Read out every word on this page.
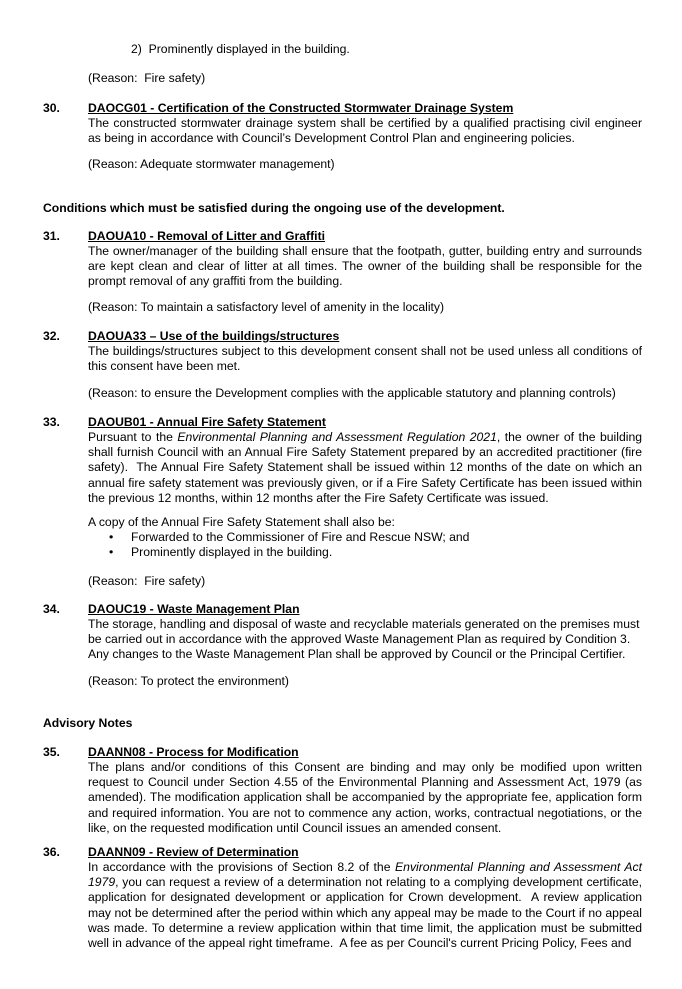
2)  Prominently displayed in the building.
(Reason:  Fire safety)
30. DAOCG01 - Certification of the Constructed Stormwater Drainage System
The constructed stormwater drainage system shall be certified by a qualified practising civil engineer as being in accordance with Council’s Development Control Plan and engineering policies.
(Reason: Adequate stormwater management)
Conditions which must be satisfied during the ongoing use of the development.
31. DAOUA10 - Removal of Litter and Graffiti
The owner/manager of the building shall ensure that the footpath, gutter, building entry and surrounds are kept clean and clear of litter at all times. The owner of the building shall be responsible for the prompt removal of any graffiti from the building.
(Reason: To maintain a satisfactory level of amenity in the locality)
32. DAOUA33 – Use of the buildings/structures
The buildings/structures subject to this development consent shall not be used unless all conditions of this consent have been met.
(Reason: to ensure the Development complies with the applicable statutory and planning controls)
33. DAOUB01 - Annual Fire Safety Statement
Pursuant to the Environmental Planning and Assessment Regulation 2021, the owner of the building shall furnish Council with an Annual Fire Safety Statement prepared by an accredited practitioner (fire safety).  The Annual Fire Safety Statement shall be issued within 12 months of the date on which an annual fire safety statement was previously given, or if a Fire Safety Certificate has been issued within the previous 12 months, within 12 months after the Fire Safety Certificate was issued.
A copy of the Annual Fire Safety Statement shall also be:
• Forwarded to the Commissioner of Fire and Rescue NSW; and
• Prominently displayed in the building.
(Reason:  Fire safety)
34. DAOUC19 - Waste Management Plan
The storage, handling and disposal of waste and recyclable materials generated on the premises must be carried out in accordance with the approved Waste Management Plan as required by Condition 3. Any changes to the Waste Management Plan shall be approved by Council or the Principal Certifier.
(Reason: To protect the environment)
Advisory Notes
35. DAANN08 - Process for Modification
The plans and/or conditions of this Consent are binding and may only be modified upon written request to Council under Section 4.55 of the Environmental Planning and Assessment Act, 1979 (as amended). The modification application shall be accompanied by the appropriate fee, application form and required information. You are not to commence any action, works, contractual negotiations, or the like, on the requested modification until Council issues an amended consent.
36. DAANN09 - Review of Determination
In accordance with the provisions of Section 8.2 of the Environmental Planning and Assessment Act 1979, you can request a review of a determination not relating to a complying development certificate, application for designated development or application for Crown development.  A review application may not be determined after the period within which any appeal may be made to the Court if no appeal was made. To determine a review application within that time limit, the application must be submitted well in advance of the appeal right timeframe.  A fee as per Council's current Pricing Policy, Fees and
